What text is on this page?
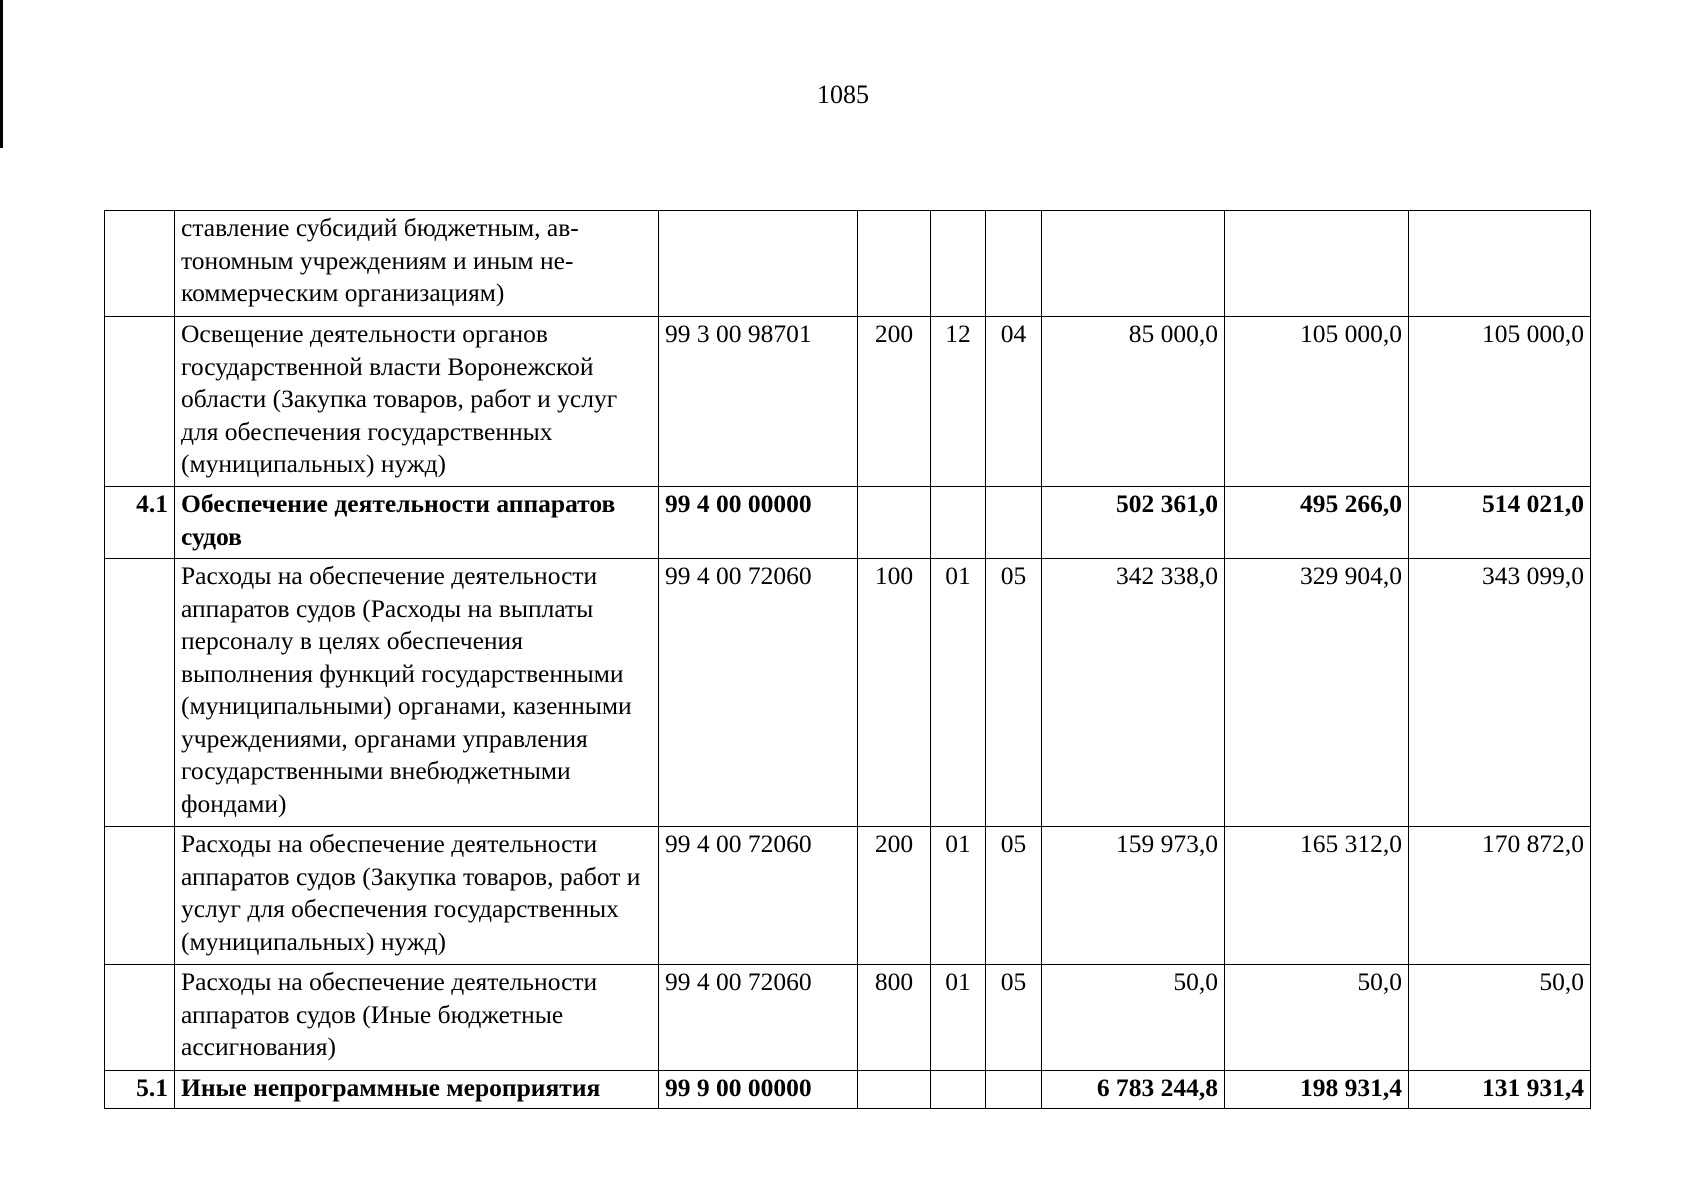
1085
	ставление субсидий бюджетным, ав-тономным учреждениям и иным не-коммерческим организациям)							
	Освещение деятельности органов государственной власти Воронежской области (Закупка товаров, работ и услуг для обеспечения государственных (муниципальных) нужд)	99 3 00 98701	200	12	04	85 000,0	105 000,0	105 000,0
4.1	Обеспечение деятельности аппаратов судов	99 4 00 00000				502 361,0	495 266,0	514 021,0
	Расходы на обеспечение деятельности аппаратов судов (Расходы на выплаты персоналу в целях обеспечения выполнения функций государственными (муниципальными) органами, казенными учреждениями, органами управления государственными внебюджетными фондами)	99 4 00 72060	100	01	05	342 338,0	329 904,0	343 099,0
	Расходы на обеспечение деятельности аппаратов судов (Закупка товаров, работ и услуг для обеспечения государственных (муниципальных) нужд)	99 4 00 72060	200	01	05	159 973,0	165 312,0	170 872,0
	Расходы на обеспечение деятельности аппаратов судов (Иные бюджетные ассигнования)	99 4 00 72060	800	01	05	50,0	50,0	50,0
5.1	Иные непрограммные мероприятия	99 9 00 00000				6 783 244,8	198 931,4	131 931,4
